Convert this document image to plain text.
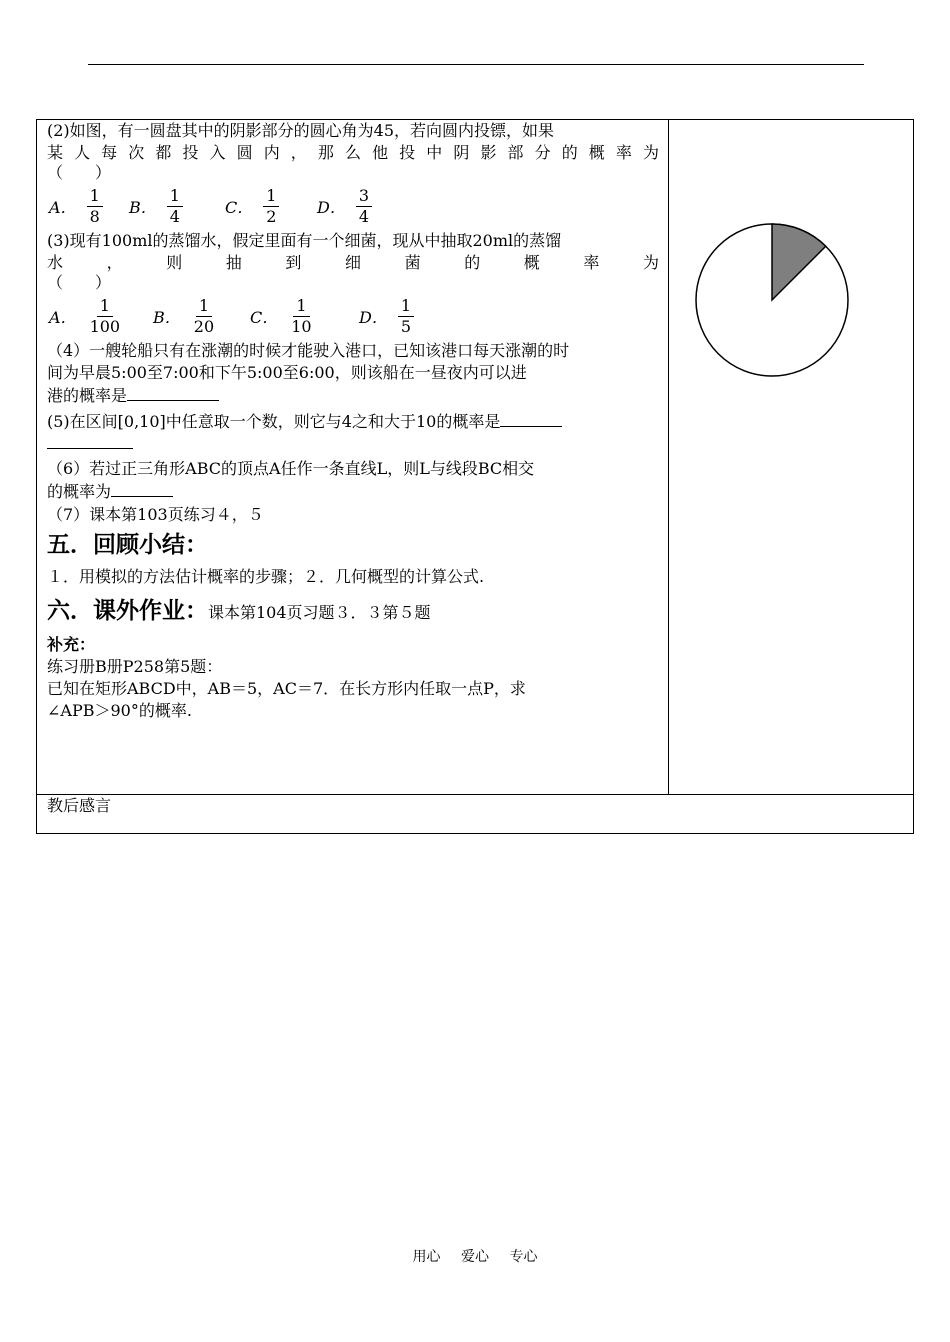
(2)如图，有一圆盘其中的阴影部分的圆心角为45，若向圆内投镖，如果
某人每次都投入圆内，那么他投中阴影部分的概率为
（　　）
A． $\frac{1}{8}$ B． $\frac{1}{4}$	C． $\frac{1}{2}$ D． $\frac{3}{4}$
(3)现有100ml的蒸馏水，假定里面有一个细菌，现从中抽取20ml的蒸馏
水，则抽到细菌的概率为
（　　）
A． $\frac{1}{100}$ B． $\frac{1}{20}$ C． $\frac{1}{10}$	D． $\frac{1}{5}$
（4）一艘轮船只有在涨潮的时候才能驶入港口，已知该港口每天涨潮的时
间为早晨5:00至7:00和下午5:00至6:00，则该船在一昼夜内可以进
港的概率是
(5)在区间[0,10]中任意取一个数，则它与4之和大于10的概率是
（6）若过正三角形ABC的顶点A任作一条直线L，则L与线段BC相交
的概率为
（7）课本第103页练习４，５
五．回顾小结：
１．用模拟的方法估计概率的步骤；２．几何概型的计算公式.
六．课外作业：课本第104页习题３．３第５题
补充：
练习册B册P258第5题：
已知在矩形ABCD中，AB＝5，AC＝7．在长方形内任取一点P，求
∠APB＞90°的概率.
教后感言
用心 爱心 专心
